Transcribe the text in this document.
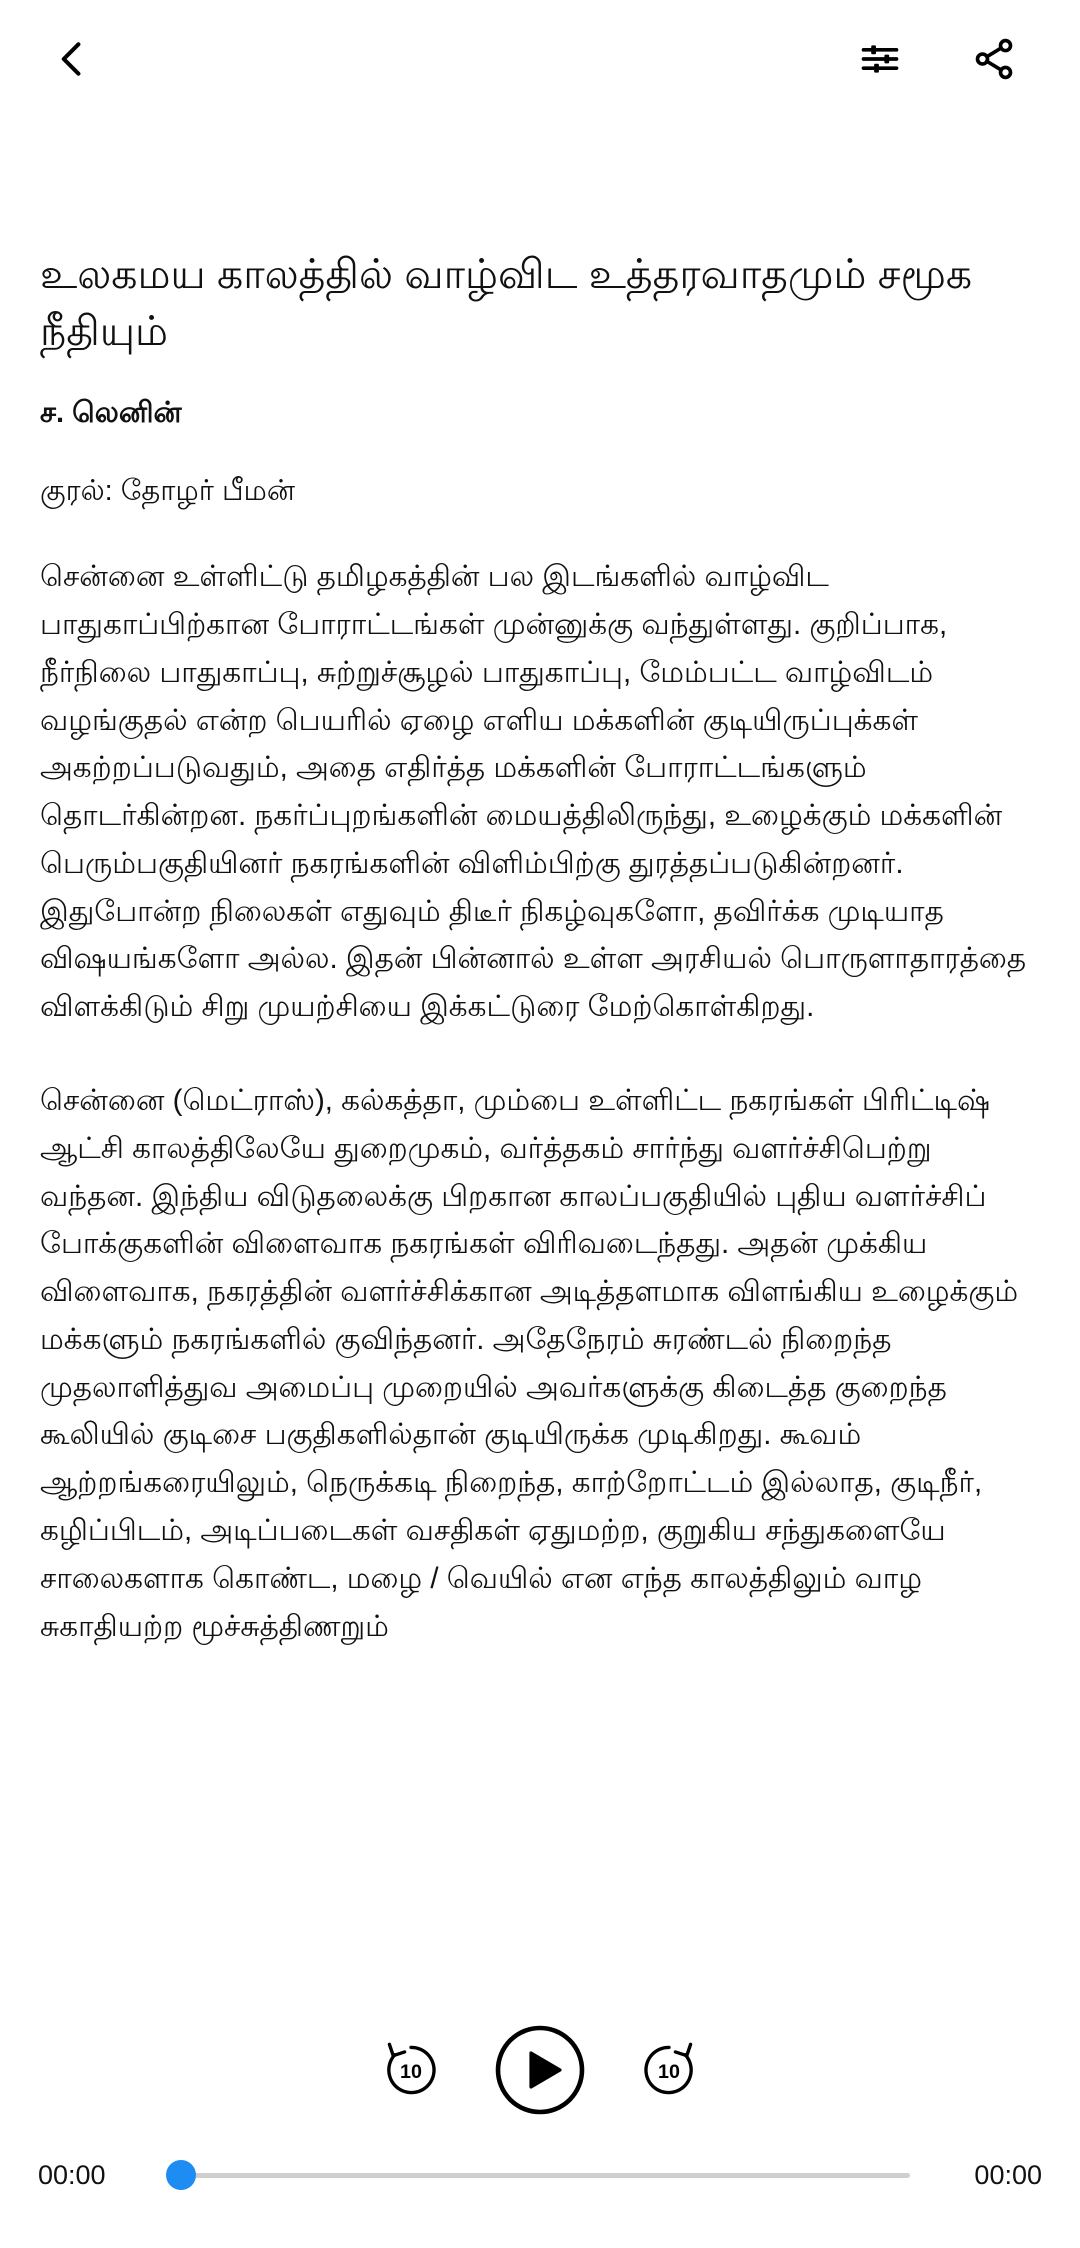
உலகமய காலத்தில் வாழ்விட உத்தரவாதமும் சமூக நீதியும்
ச. லெனின்
குரல்: தோழர் பீமன்

சென்னை உள்ளிட்டு தமிழகத்தின் பல இடங்களில் வாழ்விட பாதுகாப்பிற்கான போராட்டங்கள் முன்னுக்கு வந்துள்ளது. குறிப்பாக, நீர்நிலை பாதுகாப்பு, சுற்றுச்சூழல் பாதுகாப்பு, மேம்பட்ட வாழ்விடம் வழங்குதல் என்ற பெயரில் ஏழை எளிய மக்களின் குடியிருப்புக்கள் அகற்றப்படுவதும், அதை எதிர்த்த மக்களின் போராட்டங்களும் தொடர்கின்றன. நகர்ப்புறங்களின் மையத்திலிருந்து, உழைக்கும் மக்களின் பெரும்பகுதியினர் நகரங்களின் விளிம்பிற்கு துரத்தப்படுகின்றனர். இதுபோன்ற நிலைகள் எதுவும் திடீர் நிகழ்வுகளோ, தவிர்க்க முடியாத விஷயங்களோ அல்ல. இதன் பின்னால் உள்ள அரசியல் பொருளாதாரத்தை விளக்கிடும் சிறு முயற்சியை இக்கட்டுரை மேற்கொள்கிறது.

சென்னை (மெட்ராஸ்), கல்கத்தா, மும்பை உள்ளிட்ட நகரங்கள் பிரிட்டிஷ் ஆட்சி காலத்திலேயே துறைமுகம், வர்த்தகம் சார்ந்து வளர்ச்சிபெற்று வந்தன. இந்திய விடுதலைக்கு பிறகான காலப்பகுதியில் புதிய வளர்ச்சிப் போக்குகளின் விளைவாக நகரங்கள் விரிவடைந்தது. அதன் முக்கிய விளைவாக, நகரத்தின் வளர்ச்சிக்கான அடித்தளமாக விளங்கிய உழைக்கும் மக்களும் நகரங்களில் குவிந்தனர். அதேநேரம் சுரண்டல் நிறைந்த முதலாளித்துவ அமைப்பு முறையில் அவர்களுக்கு கிடைத்த குறைந்த கூலியில் குடிசை பகுதிகளில்தான் குடியிருக்க முடிகிறது. கூவம் ஆற்றங்கரையிலும், நெருக்கடி நிறைந்த, காற்றோட்டம் இல்லாத, குடிநீர், கழிப்பிடம், அடிப்படைகள் வசதிகள் ஏதுமற்ற, குறுகிய சந்துகளையே சாலைகளாக கொண்ட, மழை / வெயில் என எந்த காலத்திலும் வாழ சுகாதியற்ற மூச்சுத்திணறும்

10	10
00:00	00:00
